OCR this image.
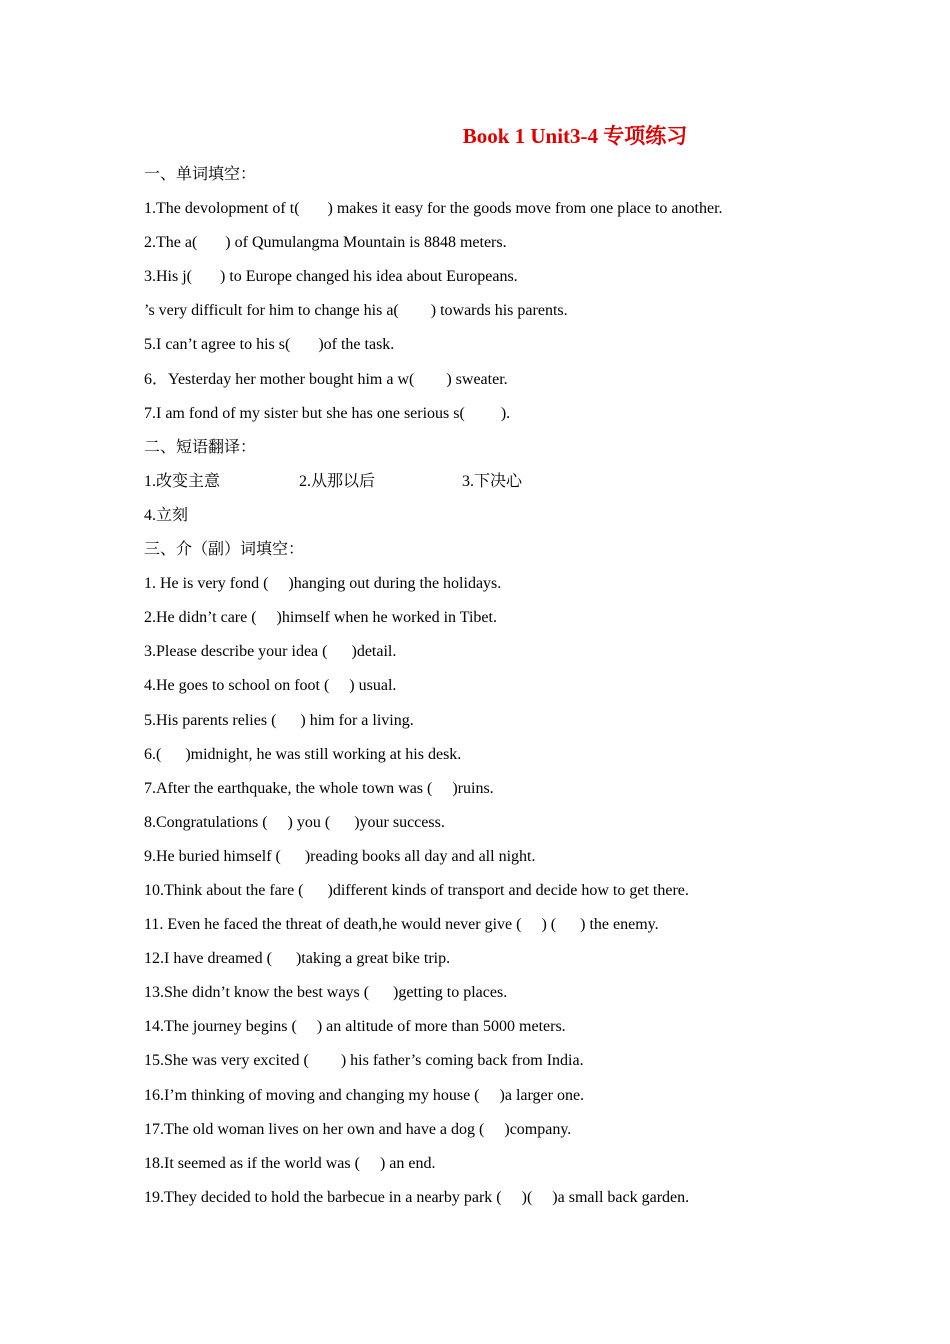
Book 1 Unit3-4 专项练习
一、单词填空：
1.The devolopment of t(       ) makes it easy for the goods move from one place to another.
2.The a(       ) of Qumulangma Mountain is 8848 meters.
3.His j(       ) to Europe changed his idea about Europeans.
’s very difficult for him to change his a(        ) towards his parents.
5.I can’t agree to his s(       )of the task.
6．Yesterday her mother bought him a w(        ) sweater.
7.I am fond of my sister but she has one serious s(         ).
二、短语翻译：
1.改变主意	2.从那以后	3.下决心
4.立刻
三、介（副）词填空：
1. He is very fond (     )hanging out during the holidays.
2.He didn’t care (     )himself when he worked in Tibet.
3.Please describe your idea (      )detail.
4.He goes to school on foot (     ) usual.
5.His parents relies (      ) him for a living.
6.(      )midnight, he was still working at his desk.
7.After the earthquake, the whole town was (     )ruins.
8.Congratulations (     ) you (      )your success.
9.He buried himself (      )reading books all day and all night.
10.Think about the fare (      )different kinds of transport and decide how to get there.
11. Even he faced the threat of death,he would never give (     ) (      ) the enemy.
12.I have dreamed (      )taking a great bike trip.
13.She didn’t know the best ways (      )getting to places.
14.The journey begins (     ) an altitude of more than 5000 meters.
15.She was very excited (        ) his father’s coming back from India.
16.I’m thinking of moving and changing my house (     )a larger one.
17.The old woman lives on her own and have a dog (     )company.
18.It seemed as if the world was (     ) an end.
19.They decided to hold the barbecue in a nearby park (     )(     )a small back garden.
